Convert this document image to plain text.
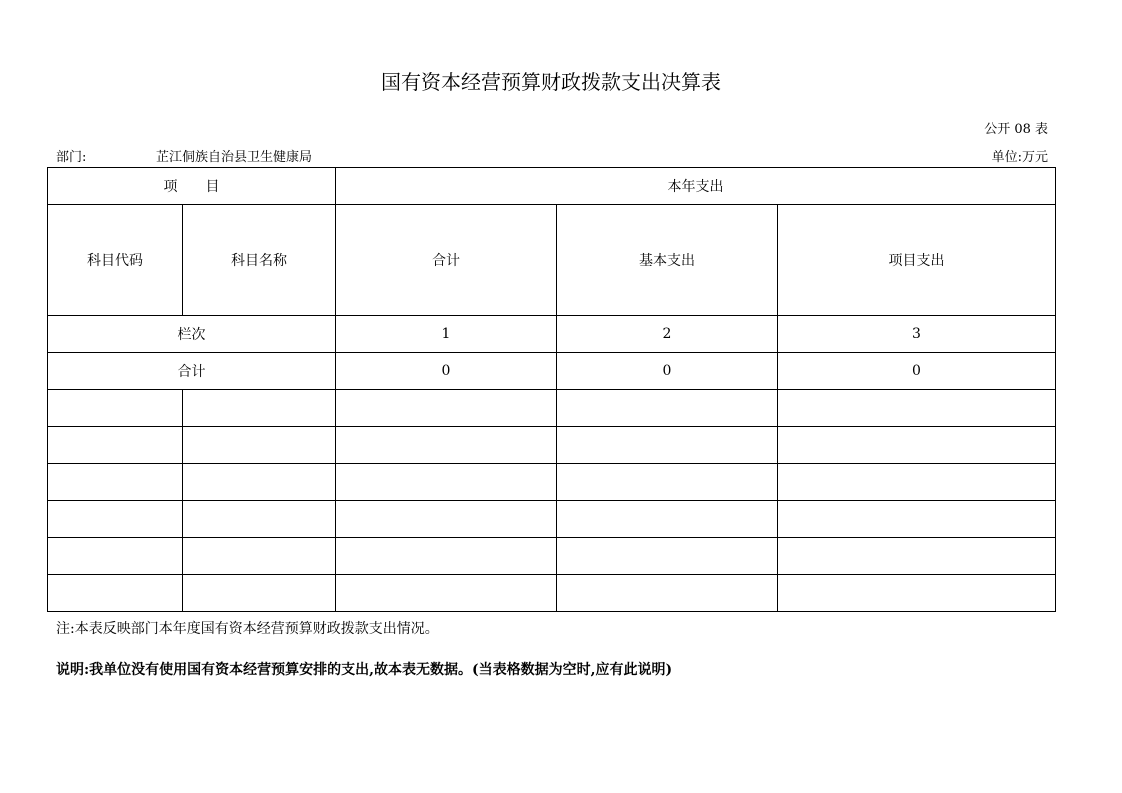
国有资本经营预算财政拨款支出决算表
公开 08 表
部门:	芷江侗族自治县卫生健康局	单位:万元
项　　目		本年支出		
科目代码	科目名称	合计	基本支出	项目支出
栏次		1	2	3
合计		0	0	0

注:本表反映部门本年度国有资本经营预算财政拨款支出情况。
说明:我单位没有使用国有资本经营预算安排的支出,故本表无数据。(当表格数据为空时,应有此说明)
